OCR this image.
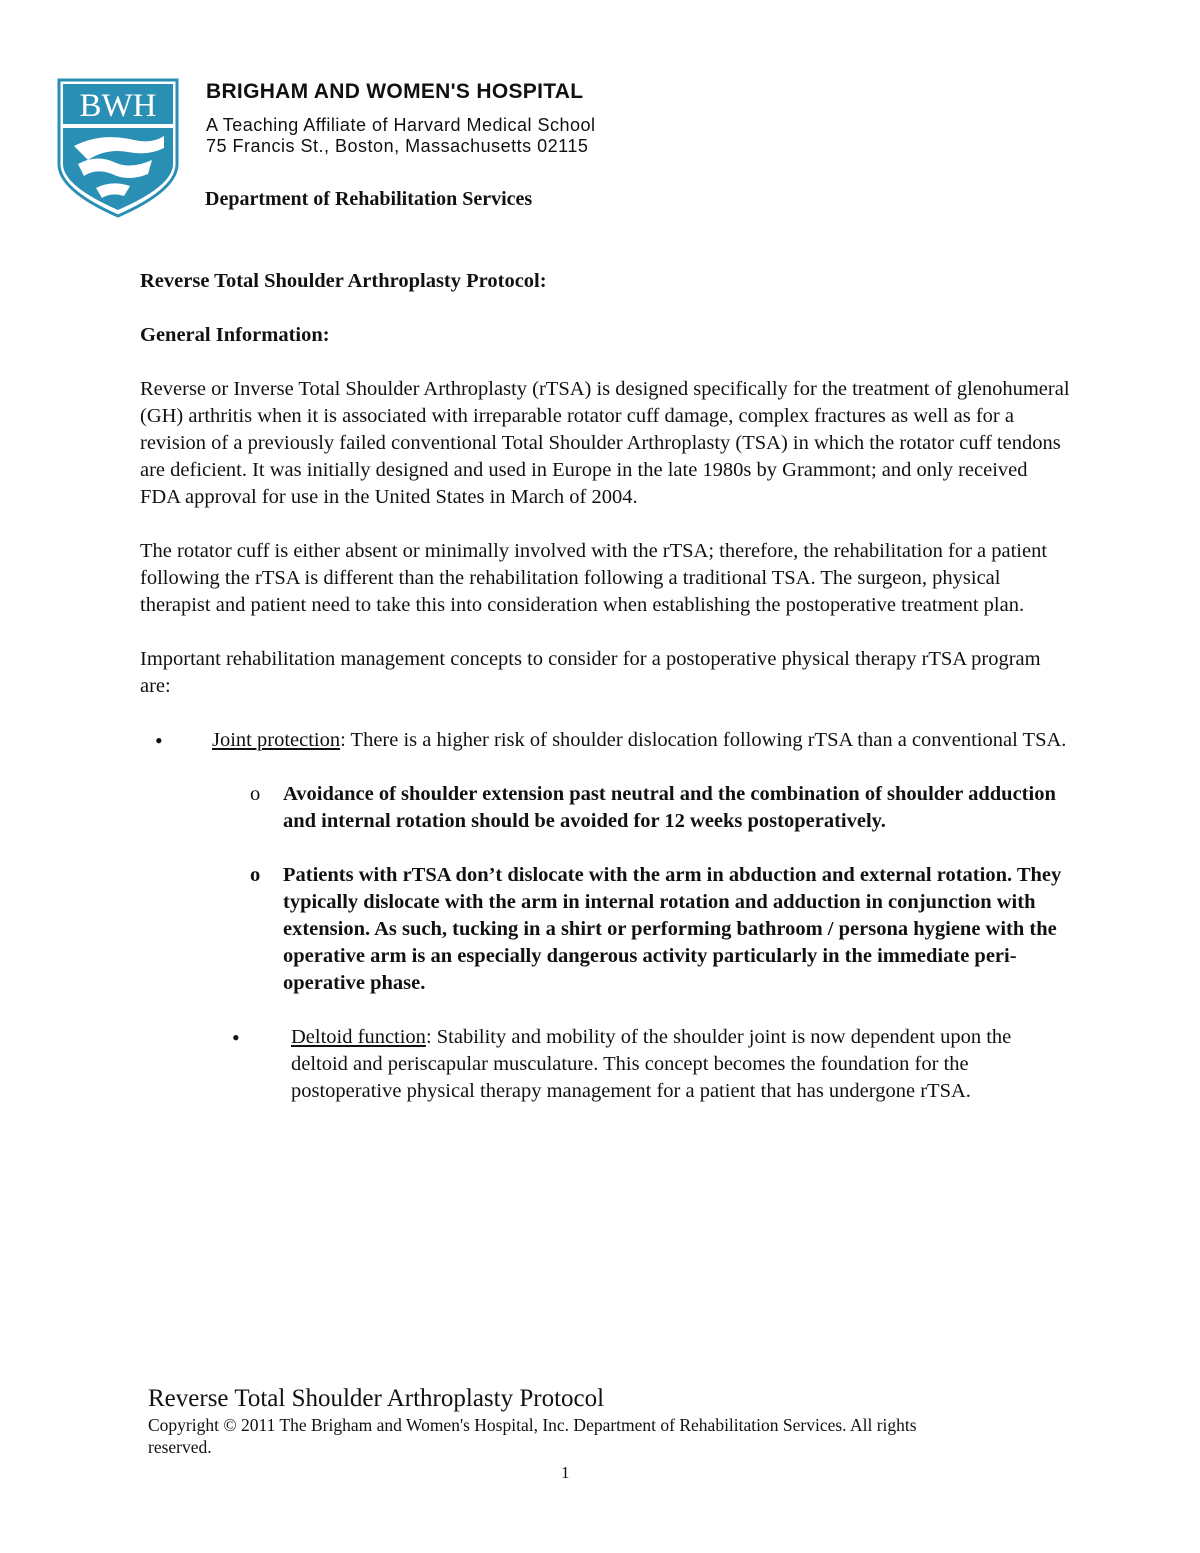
BWH BRIGHAM AND WOMEN'S HOSPITAL
A Teaching Affiliate of Harvard Medical School
75 Francis St., Boston, Massachusetts 02115
Department of Rehabilitation Services

Reverse Total Shoulder Arthroplasty Protocol:

General Information:

Reverse or Inverse Total Shoulder Arthroplasty (rTSA) is designed specifically for the treatment of glenohumeral (GH) arthritis when it is associated with irreparable rotator cuff damage, complex fractures as well as for a revision of a previously failed conventional Total Shoulder Arthroplasty (TSA) in which the rotator cuff tendons are deficient. It was initially designed and used in Europe in the late 1980s by Grammont; and only received FDA approval for use in the United States in March of 2004.

The rotator cuff is either absent or minimally involved with the rTSA; therefore, the rehabilitation for a patient following the rTSA is different than the rehabilitation following a traditional TSA. The surgeon, physical therapist and patient need to take this into consideration when establishing the postoperative treatment plan.

Important rehabilitation management concepts to consider for a postoperative physical therapy rTSA program are:

• Joint protection: There is a higher risk of shoulder dislocation following rTSA than a conventional TSA.
o Avoidance of shoulder extension past neutral and the combination of shoulder adduction and internal rotation should be avoided for 12 weeks postoperatively.
o Patients with rTSA don’t dislocate with the arm in abduction and external rotation. They typically dislocate with the arm in internal rotation and adduction in conjunction with extension. As such, tucking in a shirt or performing bathroom / persona hygiene with the operative arm is an especially dangerous activity particularly in the immediate peri-operative phase.
•	Deltoid function: Stability and mobility of the shoulder joint is now dependent upon the deltoid and periscapular musculature. This concept becomes the foundation for the postoperative physical therapy management for a patient that has undergone rTSA.
Reverse Total Shoulder Arthroplasty Protocol
Copyright © 2011 The Brigham and Women's Hospital, Inc. Department of Rehabilitation Services. All rights reserved.
1
